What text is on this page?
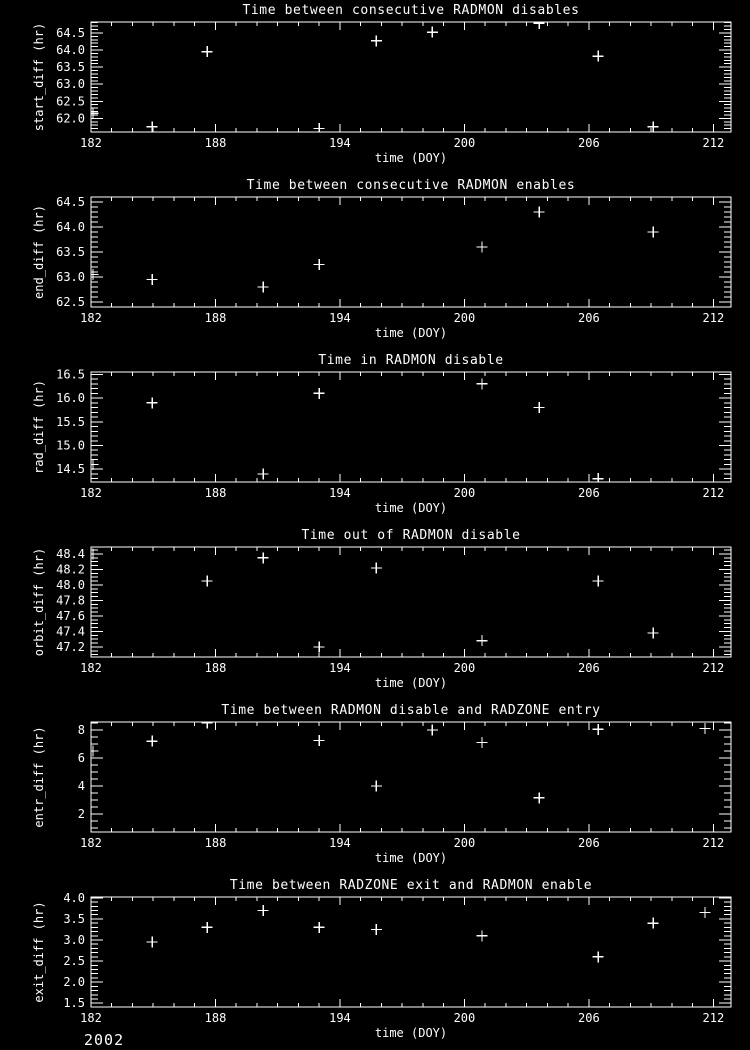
182	188	194	200	206	212
62.0
62.5
63.0
63.5
64.0
64.5
Time between consecutive RADMON disables
time (DOY)
start_diff (hr)
182	188	194	200	206	212
62.5
63.0
63.5
64.0
64.5
Time between consecutive RADMON enables
time (DOY)
end_diff (hr)
182	188	194	200	206	212
14.5
15.0
15.5
16.0
16.5
Time in RADMON disable
time (DOY)
rad_diff (hr)
182	188	194	200	206	212
47.2
47.4
47.6
47.8
48.0
48.2
48.4
Time out of RADMON disable
time (DOY)
orbit_diff (hr)
182	188	194	200	206	212
2
4
6
8
Time between RADMON disable and RADZONE entry
time (DOY)
entr_diff (hr)
182	188	194	200	206	212
1.5
2.0
2.5
3.0
3.5
4.0
Time between RADZONE exit and RADMON enable
time (DOY)
exit_diff (hr)
2002
